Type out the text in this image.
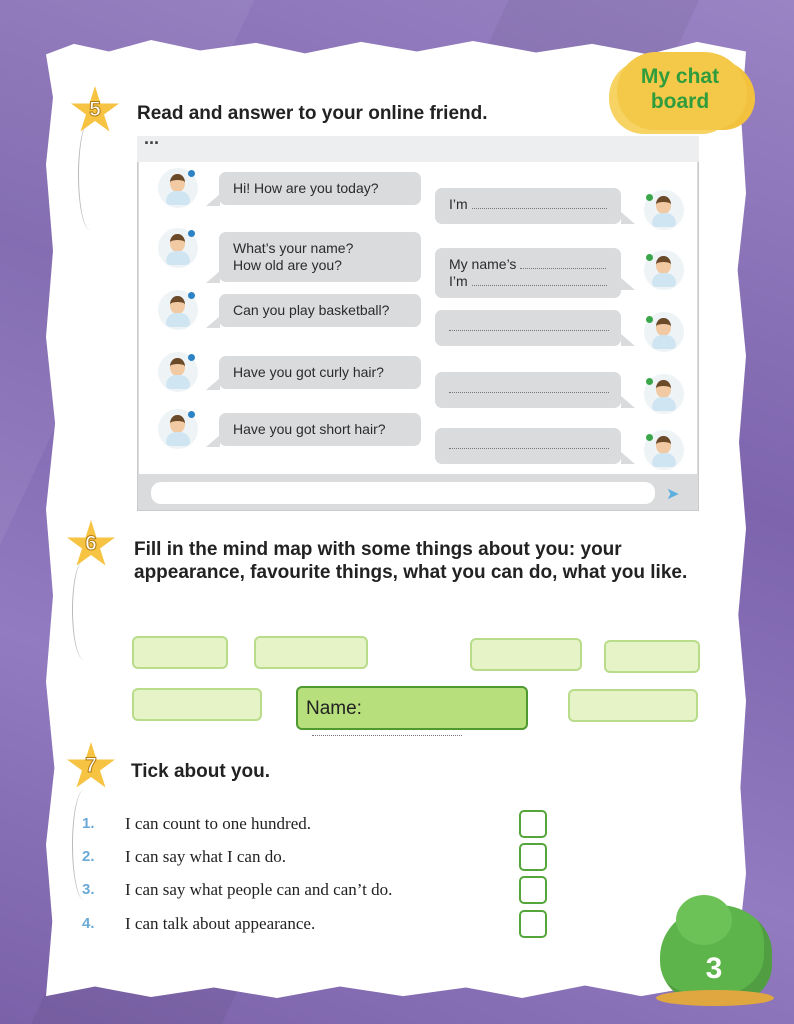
My chat board
5	Read and answer to your online friend.
...
➤
Hi! How are you today?
I’m
What’s your name?
How old are you?	My name’s
I’m
Can you play basketball?
Have you got curly hair?
Have you got short hair?
6	Fill in the mind map with some things about you: your appearance, favourite things, what you can do, what you like.
Name:
7	Tick about you.
1. I can count to one hundred.
2. I can say what I can do.
3. I can say what people can and can’t do.
4. I can talk about appearance.
3
